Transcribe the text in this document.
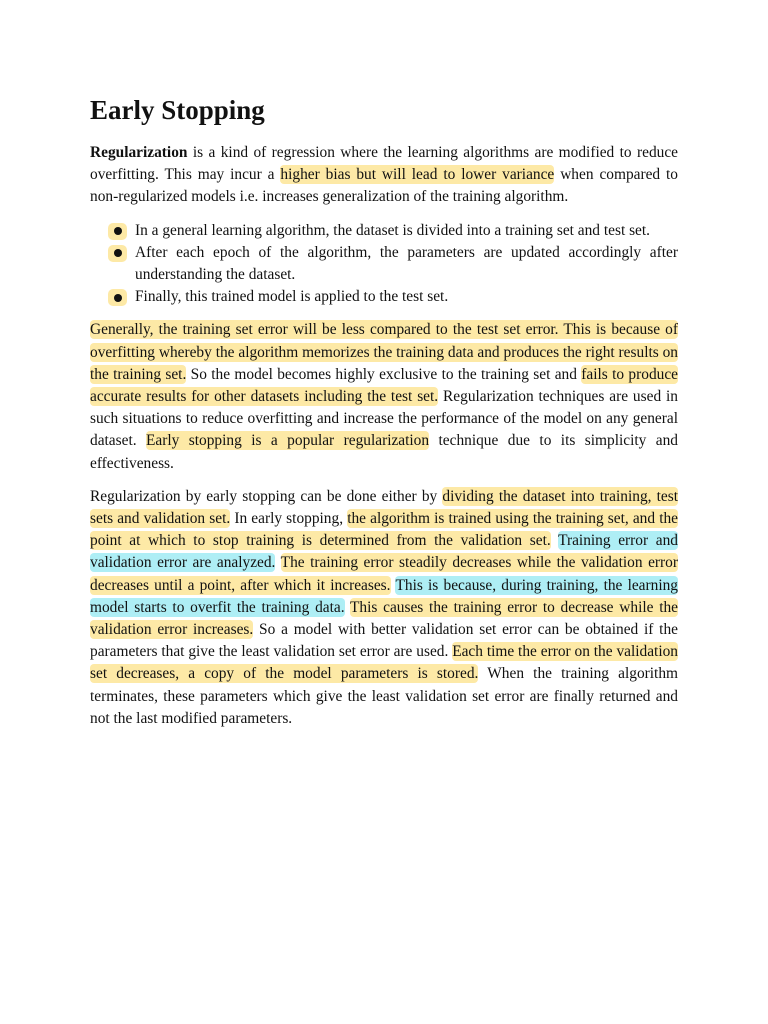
Early Stopping

Regularization is a kind of regression where the learning algorithms are modified to reduce overfitting. This may incur a higher bias but will lead to lower variance when compared to non-regularized models i.e. increases generalization of the training algorithm.

In a general learning algorithm, the dataset is divided into a training set and test set.
After each epoch of the algorithm, the parameters are updated accordingly after understanding the dataset.
Finally, this trained model is applied to the test set.

Generally, the training set error will be less compared to the test set error. This is because of overfitting whereby the algorithm memorizes the training data and produces the right results on the training set. So the model becomes highly exclusive to the training set and fails to produce accurate results for other datasets including the test set. Regularization techniques are used in such situations to reduce overfitting and increase the performance of the model on any general dataset. Early stopping is a popular regularization technique due to its simplicity and effectiveness.

Regularization by early stopping can be done either by dividing the dataset into training, test sets and validation set. In early stopping, the algorithm is trained using the training set, and the point at which to stop training is determined from the validation set. Training error and validation error are analyzed. The training error steadily decreases while the validation error decreases until a point, after which it increases. This is because, during training, the learning model starts to overfit the training data. This causes the training error to decrease while the validation error increases. So a model with better validation set error can be obtained if the parameters that give the least validation set error are used. Each time the error on the validation set decreases, a copy of the model parameters is stored. When the training algorithm terminates, these parameters which give the least validation set error are finally returned and not the last modified parameters.
